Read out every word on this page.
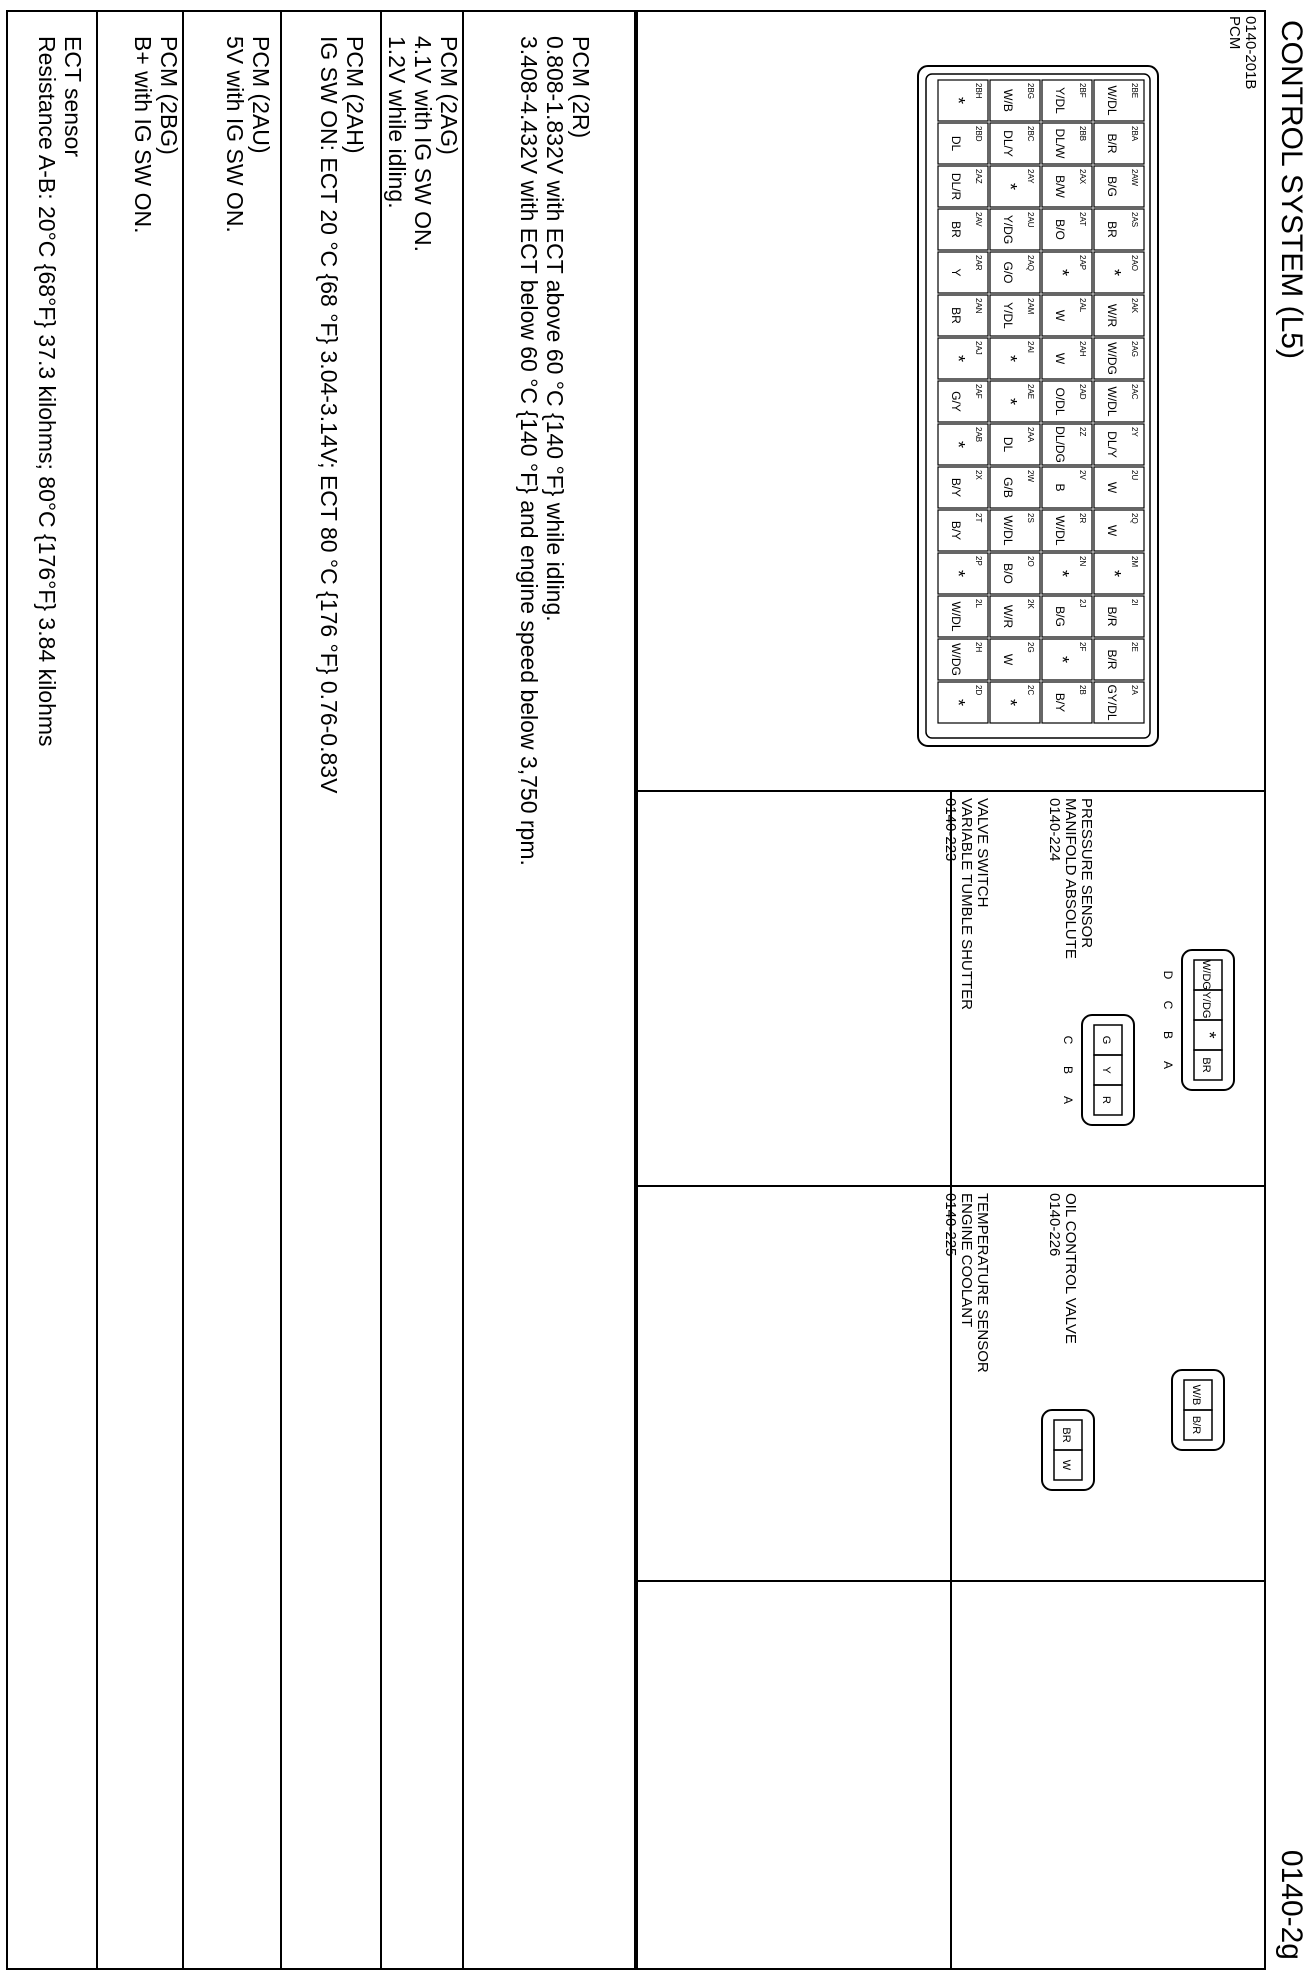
CONTROL SYSTEM (L5)
0140-2g
0140-201B
PCM
2BE
W/DL
2BA
B/R
2AW
B/G
2AS
BR
2AO
*
2AK
W/R
2AG
W/DG
2AC
W/DL
2Y
DL/Y
2U
W
2Q
W
2M
*
2I
B/R
2E
B/R
2A
GY/DL
2BF
Y/DL
2BB
DL/W
2AX
B/W
2AT
B/O
2AP
*
2AL
W
2AH
W
2AD
O/DL
2Z
DL/DG
2V
B
2R
W/DL
2N
*
2J
B/G
2F
*
2B
B/Y
2BG
W/B
2BC
DL/Y
2AY
*
2AU
Y/DG
2AQ
G/O
2AM
Y/DL
2AI
*
2AE
*
2AA
DL
2W
G/B
2S
W/DL
2O
B/O
2K
W/R
2G
W
2C
*
2BH
*
2BD
DL
2AZ
DL/R
2AV
BR
2AR
Y
2AN
BR
2AJ
*
2AF
G/Y
2AB
*
2X
B/Y
2T
B/Y
2P
*
2L
W/DL
2H
W/DG
2D
*
0140-223 VARIABLE TUMBLE SHUTTER VALVE SWITCH
G
C
Y
B
R
A
0140-224 MANIFOLD ABSOLUTE PRESSURE SENSOR
W/DG
D
Y/DG
C
*
B
BR
A
0140-225 ENGINE COOLANT TEMPERATURE SENSOR
BR
W
0140-226 OIL CONTROL VALVE
W/B
B/R
PCM (2R)
0.808-1.832V with ECT above 60 °C {140 °F} while idling.
3.408-4.432V with ECT below 60 °C {140 °F} and engine speed below 3,750 rpm.
PCM (2AG)
4.1V with IG SW ON.
1.2V while idling.
PCM (2AH)
IG SW ON: ECT 20 °C {68 °F} 3.04-3.14V; ECT 80 °C {176 °F} 0.76-0.83V
PCM (2AU)
5V with IG SW ON.
PCM (2BG)
B+ with IG SW ON.
ECT sensor
Resistance A-B: 20°C {68°F} 37.3 kilohms; 80°C {176°F} 3.84 kilohms
